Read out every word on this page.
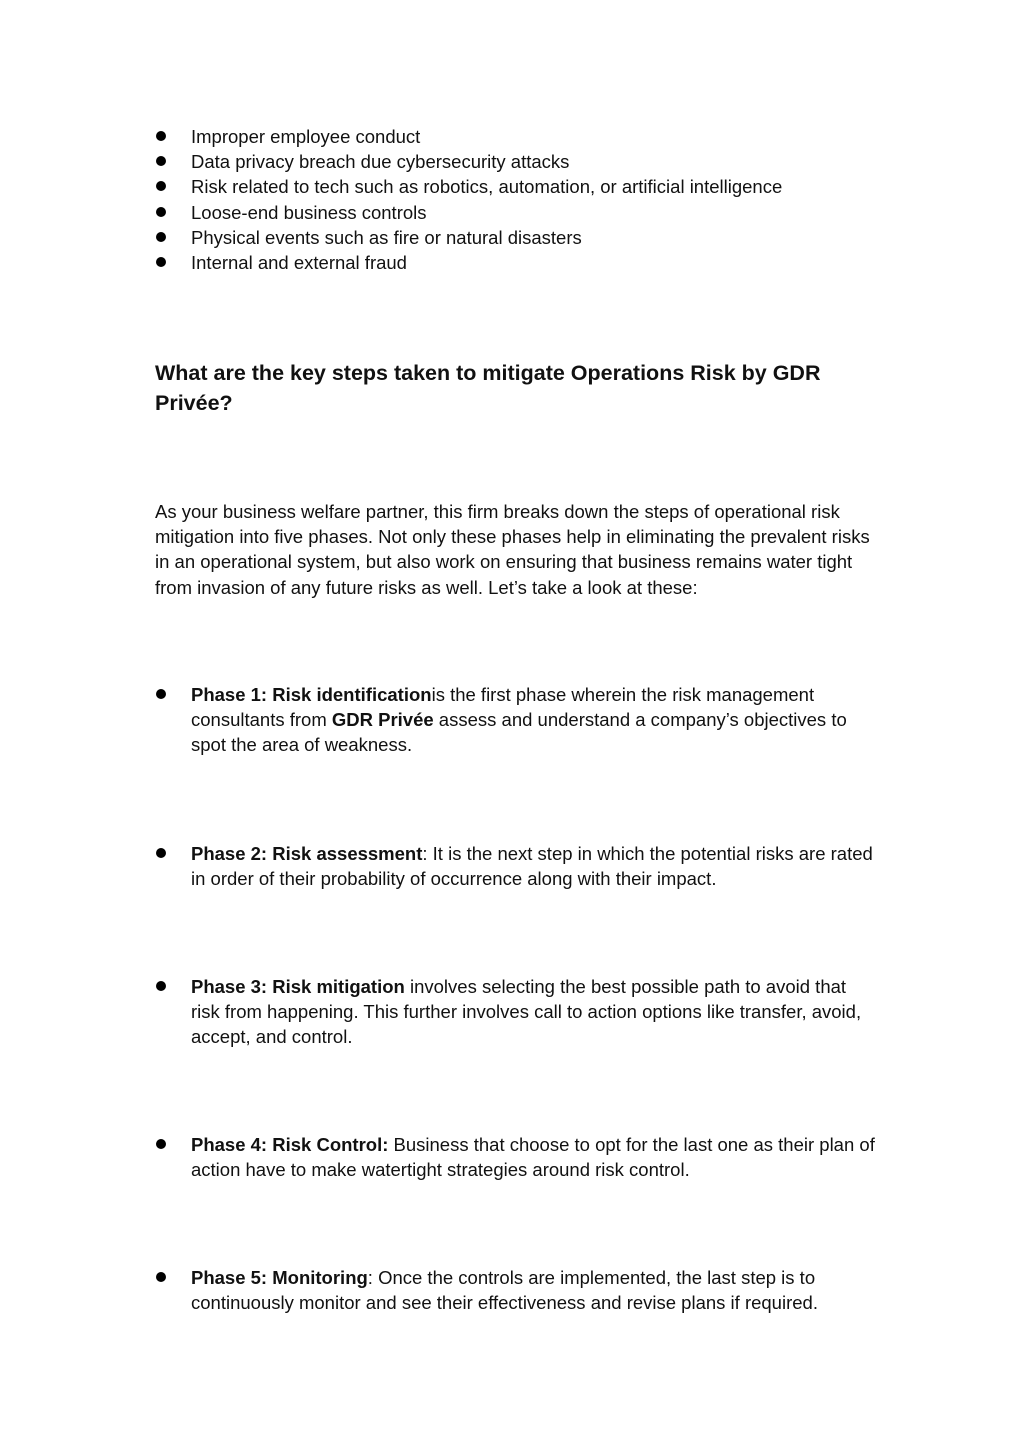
Improper employee conduct
Data privacy breach due cybersecurity attacks
Risk related to tech such as robotics, automation, or artificial intelligence
Loose-end business controls
Physical events such as fire or natural disasters
Internal and external fraud
What are the key steps taken to mitigate Operations Risk by GDR Privée?

As your business welfare partner, this firm breaks down the steps of operational risk mitigation into five phases. Not only these phases help in eliminating the prevalent risks in an operational system, but also work on ensuring that business remains water tight from invasion of any future risks as well. Let’s take a look at these:

Phase 1: Risk identificationis the first phase wherein the risk management consultants from GDR Privée assess and understand a company’s objectives to spot the area of weakness.
Phase 2: Risk assessment: It is the next step in which the potential risks are rated in order of their probability of occurrence along with their impact.
Phase 3: Risk mitigation involves selecting the best possible path to avoid that risk from happening. This further involves call to action options like transfer, avoid, accept, and control.
Phase 4: Risk Control: Business that choose to opt for the last one as their plan of action have to make watertight strategies around risk control.
Phase 5: Monitoring: Once the controls are implemented, the last step is to continuously monitor and see their effectiveness and revise plans if required.
